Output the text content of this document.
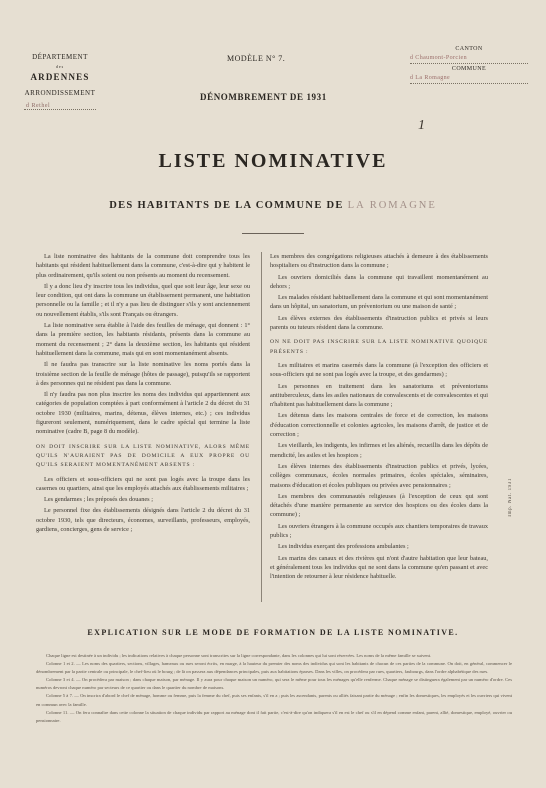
DÉPARTEMENT
des
ARDENNES
ARRONDISSEMENT
d Rethel
MODÈLE N° 7.
DÉNOMBREMENT DE 1931
CANTON
d Chaumont-Porcien
COMMUNE
d La Romagne
1
LISTE NOMINATIVE
DES HABITANTS DE LA COMMUNE DE LA ROMAGNE

La liste nominative des habitants de la commune doit comprendre tous les habitants qui résident habituellement dans la commune, c'est-à-dire qui y habitent le plus ordinairement, qu'ils soient ou non présents au moment du recensement.

Il y a donc lieu d'y inscrire tous les individus, quel que soit leur âge, leur sexe ou leur condition, qui ont dans la commune un établissement permanent, une habitation personnelle ou la famille ; et il n'y a pas lieu de distinguer s'ils y sont anciennement ou nouvellement établis, s'ils sont Français ou étrangers.

La liste nominative sera établie à l'aide des feuilles de ménage, qui donnent : 1° dans la première section, les habitants résidants, présents dans la commune au moment du recensement ; 2° dans la deuxième section, les habitants qui résident habituellement dans la commune, mais qui en sont momentanément absents.

Il ne faudra pas transcrire sur la liste nominative les noms portés dans la troisième section de la feuille de ménage (hôtes de passage), puisqu'ils se rapportent à des personnes qui ne résident pas dans la commune.

Il n'y faudra pas non plus inscrire les noms des individus qui appartiennent aux catégories de population comptées à part conformément à l'article 2 du décret du 31 octobre 1930 (militaires, marins, détenus, élèves internes, etc.) ; ces individus figureront seulement, numériquement, dans le cadre spécial qui termine la liste nominative (cadre B, page 8 du modèle).

ON DOIT INSCRIRE SUR LA LISTE NOMINATIVE, ALORS MÊME QU'ILS N'AURAIENT PAS DE DOMICILE A EUX PROPRE OU QU'ILS SERAIENT MOMENTANÉMENT ABSENTS :

Les officiers et sous-officiers qui ne sont pas logés avec la troupe dans les casernes ou quartiers, ainsi que les employés attachés aux établissements militaires ;

Les gendarmes ; les préposés des douanes ;

Le personnel fixe des établissements désignés dans l'article 2 du décret du 31 octobre 1930, tels que directeurs, économes, surveillants, professeurs, employés, gardiens, concierges, gens de service ;

Les membres des congrégations religieuses attachés à demeure à des établissements hospitaliers ou d'instruction dans la commune ;

Les ouvriers domiciliés dans la commune qui travaillent momentanément au dehors ;

Les malades résidant habituellement dans la commune et qui sont momentanément dans un hôpital, un sanatorium, un préventorium ou une maison de santé ;

Les élèves externes des établissements d'instruction publics et privés si leurs parents ou tuteurs résident dans la commune.

ON NE DOIT PAS INSCRIRE SUR LA LISTE NOMINATIVE QUOIQUE PRÉSENTS :

Les militaires et marins casernés dans la commune (à l'exception des officiers et sous-officiers qui ne sont pas logés avec la troupe, et des gendarmes) ;

Les personnes en traitement dans les sanatoriums et préventoriums antituberculeux, dans les asiles nationaux de convalescents et de convalescentes et qui n'habitent pas habituellement dans la commune ;

Les détenus dans les maisons centrales de force et de correction, les maisons d'éducation correctionnelle et colonies agricoles, les maisons d'arrêt, de justice et de correction ;

Les vieillards, les indigents, les infirmes et les aliénés, recueillis dans les dépôts de mendicité, les asiles et les hospices ;

Les élèves internes des établissements d'instruction publics et privés, lycées, collèges communaux, écoles normales primaires, écoles spéciales, séminaires, maisons d'éducation et écoles publiques ou privées avec pensionnaires ;

Les membres des communautés religieuses (à l'exception de ceux qui sont détachés d'une manière permanente au service des hospices ou des écoles dans la commune) ;

Les ouvriers étrangers à la commune occupés aux chantiers temporaires de travaux publics ;

Les individus exerçant des professions ambulantes ;

Les marins des canaux et des rivières qui n'ont d'autre habitation que leur bateau, et généralement tous les individus qui ne sont dans la commune qu'en passant et avec l'intention de retourner à leur résidence habituelle.

Imp. Nat. 1931
EXPLICATION SUR LE MODE DE FORMATION DE LA LISTE NOMINATIVE.

Chaque ligne est destinée à un individu ; les indications relatives à chaque personne sont transcrites sur la ligne correspondante, dans les colonnes qui lui sont réservées. Les noms de la même famille se suivent.

Colonne 1 et 2. — Les noms des quartiers, sections, villages, hameaux ou rues seront écrits, en marge, à la hauteur du premier des noms des individus qui sont les habitants de chacun de ces parties de la commune. On doit, en général, commencer le dénombrement par la partie centrale ou principale, le chef-lieu où le bourg ; de là on passera aux dépendances principales, puis aux habitations éparses. Dans les villes, on procédera par rues, quartiers, faubourgs, dans l'ordre alphabétique des rues.

Colonne 3 et 4. — On procèdera par maison ; dans chaque maison, par ménage. Il y aura pour chaque maison un numéro, qui sera le même pour tous les ménages qu'elle renferme. Chaque ménage se distinguera également par un numéro d'ordre. Ces numéros devront chaque numéro par secteurs de ce quartier ou dans le quartier du nombre de maisons.

Colonne 5 à 7. — On inscrira d'abord le chef de ménage, homme ou femme, puis la femme du chef, puis ses enfants, s'il en a ; puis les ascendants, parents ou alliés faisant partie du ménage ; enfin les domestiques, les employés et les ouvriers qui vivent en commun avec la famille.

Colonne 11. — On fera connaître dans cette colonne la situation de chaque individu par rapport au ménage dont il fait partie, c'est-à-dire qu'on indiquera s'il en est le chef ou s'il en dépend comme enfant, parent, allié, domestique, employé, ouvrier ou pensionnaire.
